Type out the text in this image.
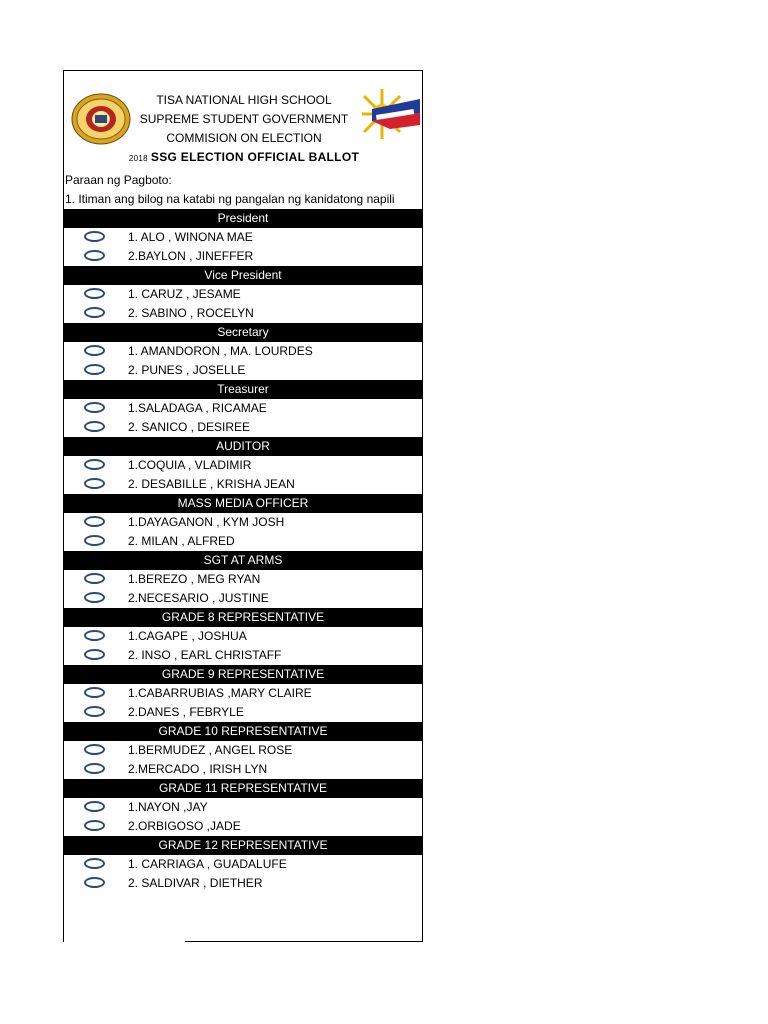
TISA NATIONAL HIGH SCHOOL
SUPREME STUDENT GOVERNMENT
COMMISION ON ELECTION
2018 SSG ELECTION OFFICIAL BALLOT
Paraan ng Pagboto:
1. Itiman ang bilog na katabi ng pangalan ng kanidatong napili
President
1. ALO , WINONA MAE
2.BAYLON , JINEFFER
Vice President
1. CARUZ , JESAME
2. SABINO , ROCELYN
Secretary
1. AMANDORON , MA. LOURDES
2. PUNES , JOSELLE
Treasurer
1.SALADAGA , RICAMAE
2. SANICO , DESIREE
AUDITOR
1.COQUIA , VLADIMIR
2. DESABILLE , KRISHA JEAN
MASS MEDIA OFFICER
1.DAYAGANON , KYM JOSH
2. MILAN , ALFRED
SGT AT ARMS
1.BEREZO , MEG RYAN
2.NECESARIO , JUSTINE
GRADE 8 REPRESENTATIVE
1.CAGAPE , JOSHUA
2. INSO , EARL CHRISTAFF
GRADE 9 REPRESENTATIVE
1.CABARRUBIAS ,MARY CLAIRE
2.DANES , FEBRYLE
GRADE 10 REPRESENTATIVE
1.BERMUDEZ , ANGEL ROSE
2.MERCADO , IRISH LYN
GRADE 11 REPRESENTATIVE
1.NAYON ,JAY
2.ORBIGOSO ,JADE
GRADE 12 REPRESENTATIVE
1. CARRIAGA , GUADALUFE
2. SALDIVAR , DIETHER
